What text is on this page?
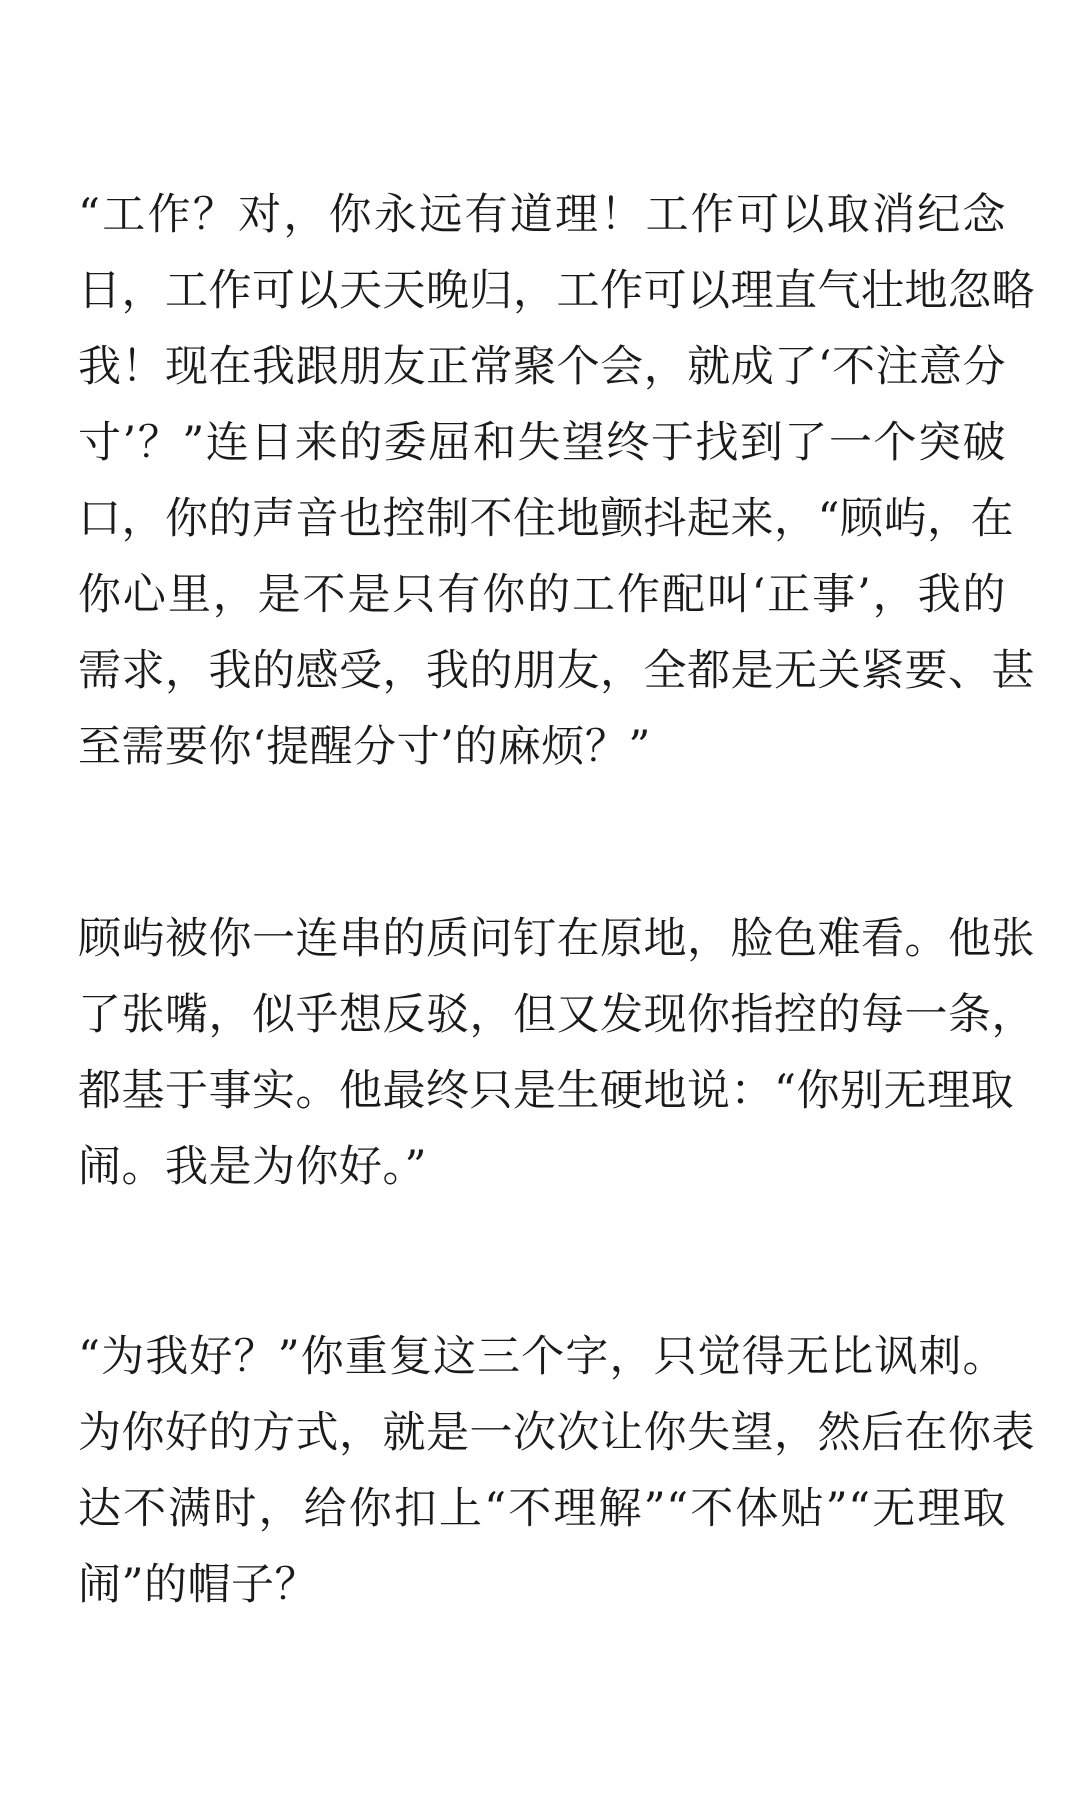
“工作？对，你永远有道理！工作可以取消纪念
日，工作可以天天晚归，工作可以理直气壮地忽略
我！现在我跟朋友正常聚个会，就成了‘不注意分
寸’？”连日来的委屈和失望终于找到了一个突破
口，你的声音也控制不住地颤抖起来，“顾屿，在
你心里，是不是只有你的工作配叫‘正事’，我的
需求，我的感受，我的朋友，全都是无关紧要、甚
至需要你‘提醒分寸’的麻烦？”
顾屿被你一连串的质问钉在原地，脸色难看。他张
了张嘴，似乎想反驳，但又发现你指控的每一条，
都基于事实。他最终只是生硬地说：“你别无理取
闹。我是为你好。”
“为我好？”你重复这三个字，只觉得无比讽刺。
为你好的方式，就是一次次让你失望，然后在你表
达不满时，给你扣上“不理解”“不体贴”“无理取
闹”的帽子？
